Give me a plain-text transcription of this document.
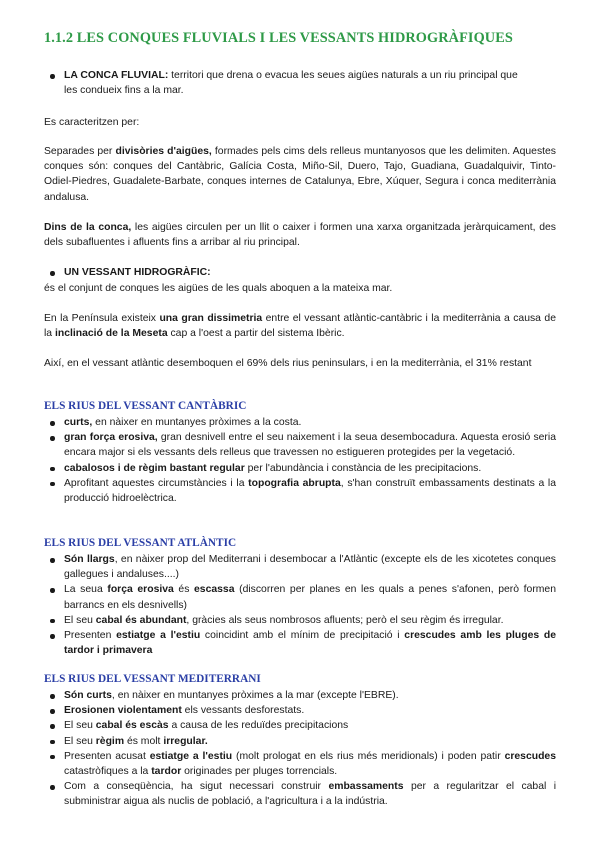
1.1.2 LES CONQUES FLUVIALS I LES VESSANTS HIDROGRÀFIQUES
LA CONCA FLUVIAL: territori que drena o evacua les seues aigües naturals a un riu principal que
les condueix fins a la mar.
Es caracteritzen per:
Separades per divisòries d'aigües, formades pels cims dels relleus muntanyosos que les delimiten. Aquestes conques són: conques del Cantàbric, Galícia Costa, Miño-Sil, Duero, Tajo, Guadiana, Guadalquivir, Tinto-Odiel-Piedres, Guadalete-Barbate, conques internes de Catalunya, Ebre, Xúquer, Segura i conca mediterrània andalusa.
Dins de la conca, les aigües circulen per un llit o caixer i formen una xarxa organitzada jeràrquicament, des dels subafluentes i afluents fins a arribar al riu principal.
UN VESSANT HIDROGRÀFIC:
és el conjunt de conques les aigües de les quals aboquen a la mateixa mar.
En la Península existeix una gran dissimetria entre el vessant atlàntic-cantàbric i la mediterrània a causa de la inclinació de la Meseta cap a l'oest a partir del sistema Ibèric.
Així, en el vessant atlàntic desemboquen el 69% dels rius peninsulars, i en la mediterrània, el 31% restant
ELS RIUS DEL VESSANT CANTÀBRIC
curts, en nàixer en muntanyes pròximes a la costa.
gran força erosiva, gran desnivell entre el seu naixement i la seua desembocadura. Aquesta erosió seria encara major si els vessants dels relleus que travessen no estigueren protegides per la vegetació.
cabalosos i de règim bastant regular per l'abundància i constància de les precipitacions.
Aprofitant aquestes circumstàncies i la topografia abrupta, s'han construït embassaments destinats a la producció hidroelèctrica.
ELS RIUS DEL VESSANT ATLÀNTIC
Són llargs, en nàixer prop del Mediterrani i desembocar a l'Atlàntic (excepte els de les xicotetes conques gallegues i andaluses....)
La seua força erosiva és escassa (discorren per planes en les quals a penes s'afonen, però formen barrancs en els desnivells)
El seu cabal és abundant, gràcies als seus nombrosos afluents; però el seu règim és irregular.
Presenten estiatge a l'estiu coincidint amb el mínim de precipitació i crescudes amb les pluges de tardor i primavera
ELS RIUS DEL VESSANT MEDITERRANI
Són curts, en nàixer en muntanyes pròximes a la mar (excepte l'EBRE).
Erosionen violentament els vessants desforestats.
El seu cabal és escàs a causa de les reduïdes precipitacions
El seu règim és molt irregular.
Presenten acusat estiatge a l'estiu (molt prologat en els rius més meridionals) i poden patir crescudes catastròfiques a la tardor originades per pluges torrencials.
Com a conseqüència, ha sigut necessari construir embassaments per a regularitzar el cabal i subministrar aigua als nuclis de població, a l'agricultura i a la indústria.
